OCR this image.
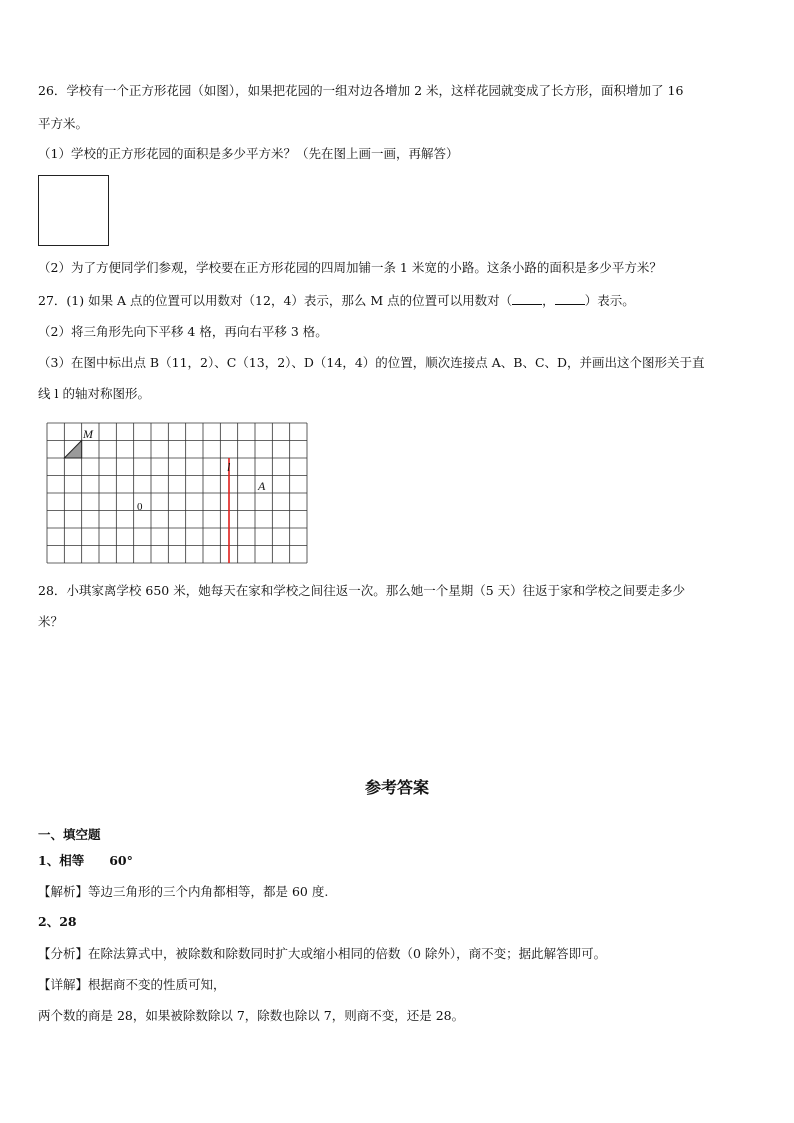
26．学校有一个正方形花园（如图），如果把花园的一组对边各增加 2 米，这样花园就变成了长方形，面积增加了 16
平方米。
（1）学校的正方形花园的面积是多少平方米？（先在图上画一画，再解答）
（2）为了方便同学们参观，学校要在正方形花园的四周加铺一条 1 米宽的小路。这条小路的面积是多少平方米？
27．(1) 如果 A 点的位置可以用数对（12，4）表示，那么 M 点的位置可以用数对（ ， ）表示。
（2）将三角形先向下平移 4 格，再向右平移 3 格。
（3）在图中标出点 B（11，2）、C（13，2）、D（14，4）的位置，顺次连接点 A、B、C、D，并画出这个图形关于直
线 l 的轴对称图形。
M
l
A
0
28．小琪家离学校 650 米，她每天在家和学校之间往返一次。那么她一个星期（5 天）往返于家和学校之间要走多少
米？
参考答案
一、填空题
1、相等　　60°
【解析】等边三角形的三个内角都相等，都是 60 度.
2、28
【分析】在除法算式中，被除数和除数同时扩大或缩小相同的倍数（0 除外），商不变；据此解答即可。
【详解】根据商不变的性质可知，
两个数的商是 28，如果被除数除以 7，除数也除以 7，则商不变，还是 28。
